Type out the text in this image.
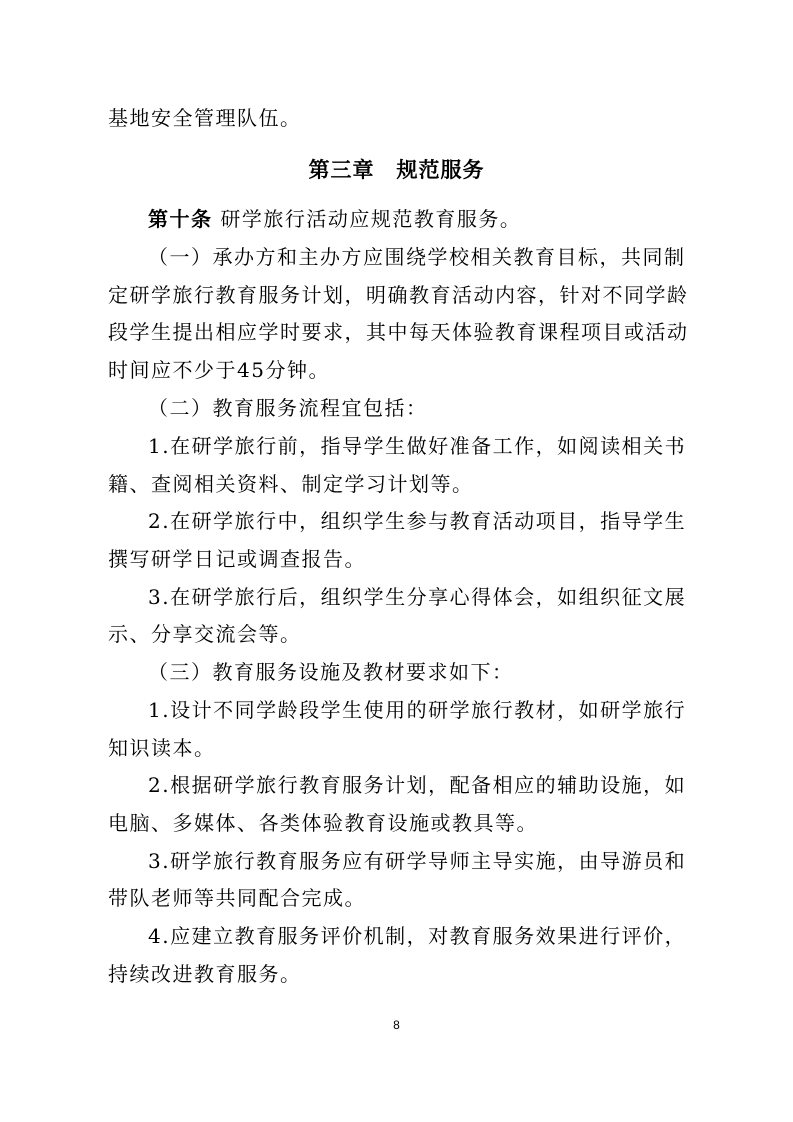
基地安全管理队伍。
第三章　规范服务
第十条 研学旅行活动应规范教育服务。
（一）承办方和主办方应围绕学校相关教育目标，共同制
定研学旅行教育服务计划，明确教育活动内容，针对不同学龄
段学生提出相应学时要求，其中每天体验教育课程项目或活动
时间应不少于45分钟。
（二）教育服务流程宜包括：
1.在研学旅行前，指导学生做好准备工作，如阅读相关书
籍、查阅相关资料、制定学习计划等。
2.在研学旅行中，组织学生参与教育活动项目，指导学生
撰写研学日记或调查报告。
3.在研学旅行后，组织学生分享心得体会，如组织征文展
示、分享交流会等。
（三）教育服务设施及教材要求如下：
1.设计不同学龄段学生使用的研学旅行教材，如研学旅行
知识读本。
2.根据研学旅行教育服务计划，配备相应的辅助设施，如
电脑、多媒体、各类体验教育设施或教具等。
3.研学旅行教育服务应有研学导师主导实施，由导游员和
带队老师等共同配合完成。
4.应建立教育服务评价机制，对教育服务效果进行评价，
持续改进教育服务。
8
